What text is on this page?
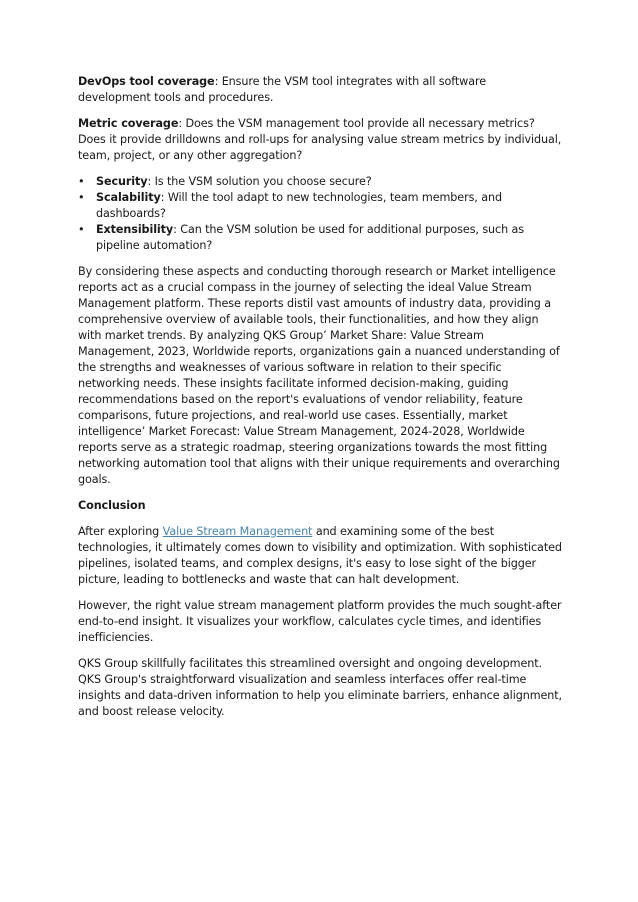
DevOps tool coverage: Ensure the VSM tool integrates with all software development tools and procedures.

Metric coverage: Does the VSM management tool provide all necessary metrics? Does it provide drilldowns and roll-ups for analysing value stream metrics by individual, team, project, or any other aggregation?

•	Security: Is the VSM solution you choose secure?
•	Scalability: Will the tool adapt to new technologies, team members, and dashboards?
•	Extensibility: Can the VSM solution be used for additional purposes, such as pipeline automation?

By considering these aspects and conducting thorough research or Market intelligence reports act as a crucial compass in the journey of selecting the ideal Value Stream Management platform. These reports distil vast amounts of industry data, providing a comprehensive overview of available tools, their functionalities, and how they align with market trends. By analyzing QKS Group’ Market Share: Value Stream Management, 2023, Worldwide reports, organizations gain a nuanced understanding of the strengths and weaknesses of various software in relation to their specific networking needs. These insights facilitate informed decision-making, guiding recommendations based on the report's evaluations of vendor reliability, feature comparisons, future projections, and real-world use cases. Essentially, market intelligence’ Market Forecast: Value Stream Management, 2024-2028, Worldwide reports serve as a strategic roadmap, steering organizations towards the most fitting networking automation tool that aligns with their unique requirements and overarching goals.

Conclusion

After exploring Value Stream Management and examining some of the best technologies, it ultimately comes down to visibility and optimization. With sophisticated pipelines, isolated teams, and complex designs, it's easy to lose sight of the bigger picture, leading to bottlenecks and waste that can halt development.

However, the right value stream management platform provides the much sought-after end-to-end insight. It visualizes your workflow, calculates cycle times, and identifies inefficiencies.

QKS Group skillfully facilitates this streamlined oversight and ongoing development. QKS Group's straightforward visualization and seamless interfaces offer real-time insights and data-driven information to help you eliminate barriers, enhance alignment, and boost release velocity.
